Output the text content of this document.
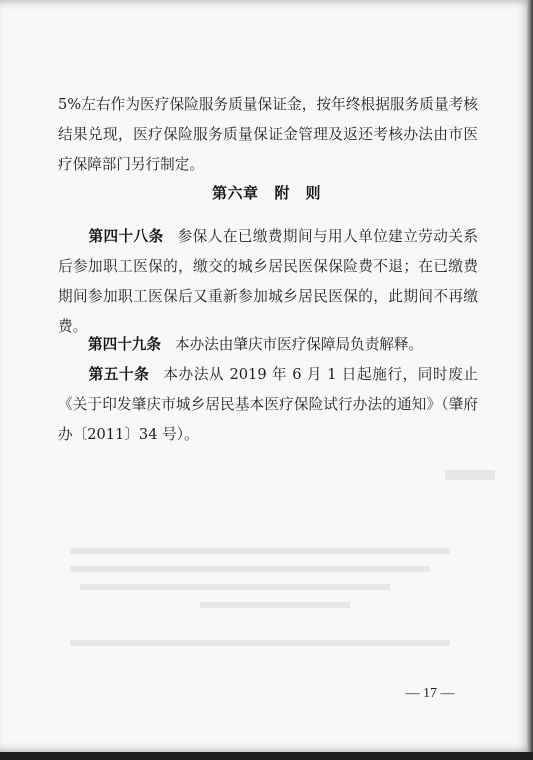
5%左右作为医疗保险服务质量保证金，按年终根据服务质量考核结果兑现，医疗保险服务质量保证金管理及返还考核办法由市医疗保障部门另行制定。
第六章 附　则
第四十八条 参保人在已缴费期间与用人单位建立劳动关系后参加职工医保的，缴交的城乡居民医保保险费不退；在已缴费期间参加职工医保后又重新参加城乡居民医保的，此期间不再缴费。
第四十九条 本办法由肇庆市医疗保障局负责解释。
第五十条 本办法从 2019 年 6 月 1 日起施行，同时废止《关于印发肇庆市城乡居民基本医疗保险试行办法的通知》（肇府办〔2011〕34 号）。
— 17 —
